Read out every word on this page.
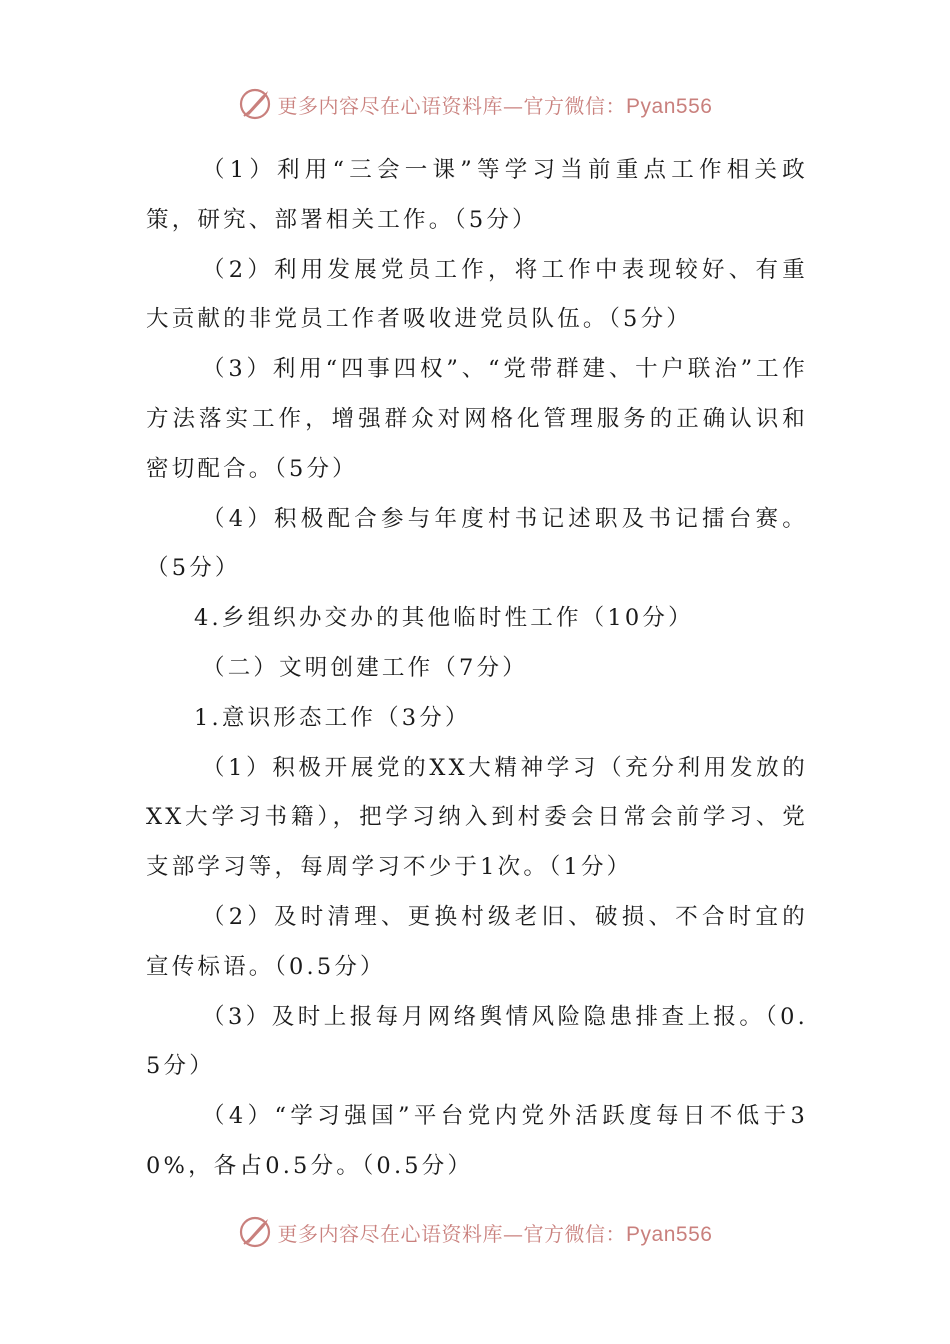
更多内容尽在心语资料库—官方微信：Pyan556

（1）利用“三会一课”等学习当前重点工作相关政策，研究、部署相关工作。（5分）

（2）利用发展党员工作，将工作中表现较好、有重大贡献的非党员工作者吸收进党员队伍。（5分）

（3）利用“四事四权”、“党带群建、十户联治”工作方法落实工作，增强群众对网格化管理服务的正确认识和密切配合。（5分）

（4）积极配合参与年度村书记述职及书记擂台赛。（5分）

4.乡组织办交办的其他临时性工作（10分）

（二）文明创建工作（7分）

1.意识形态工作（3分）

（1）积极开展党的XX大精神学习（充分利用发放的XX大学习书籍），把学习纳入到村委会日常会前学习、党支部学习等，每周学习不少于1次。（1分）

（2）及时清理、更换村级老旧、破损、不合时宜的宣传标语。（0.5分）

（3）及时上报每月网络舆情风险隐患排查上报。（0.5分）

（4）“学习强国”平台党内党外活跃度每日不低于30%，各占0.5分。（0.5分）

更多内容尽在心语资料库—官方微信：Pyan556
